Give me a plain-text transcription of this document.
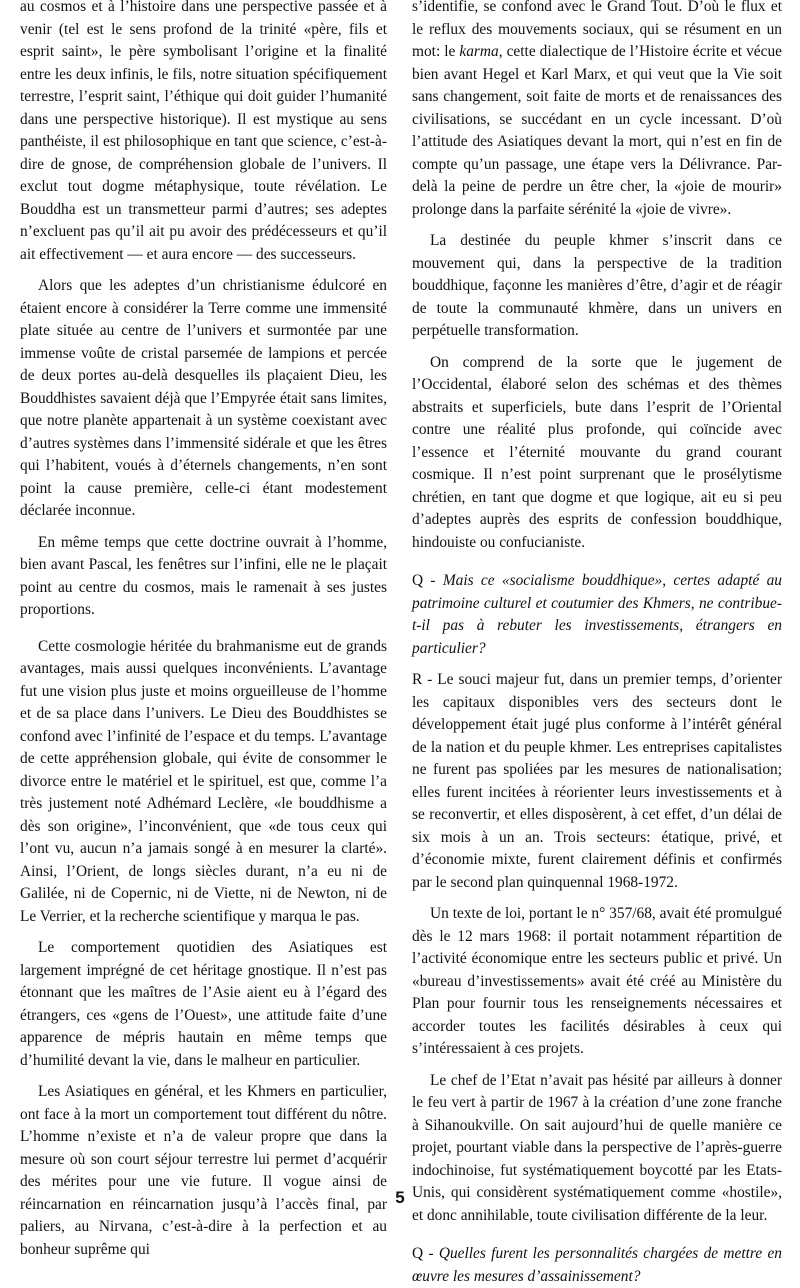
au cosmos et à l’histoire dans une perspective passée et à venir (tel est le sens profond de la trinité «père, fils et esprit saint», le père symbolisant l’origine et la finalité entre les deux infinis, le fils, notre situation spécifiquement terrestre, l’esprit saint, l’éthique qui doit guider l’humanité dans une perspective historique). Il est mystique au sens panthéiste, il est philosophique en tant que science, c’est-à-dire de gnose, de compréhension globale de l’univers. Il exclut tout dogme métaphysique, toute révélation. Le Bouddha est un transmetteur parmi d’autres; ses adeptes n’excluent pas qu’il ait pu avoir des prédécesseurs et qu’il ait effectivement — et aura encore — des successeurs.

Alors que les adeptes d’un christianisme édulcoré en étaient encore à considérer la Terre comme une immensité plate située au centre de l’univers et surmontée par une immense voûte de cristal parsemée de lampions et percée de deux portes au-delà desquelles ils plaçaient Dieu, les Bouddhistes savaient déjà que l’Empyrée était sans limites, que notre planète appartenait à un système coexistant avec d’autres systèmes dans l’immensité sidérale et que les êtres qui l’habitent, voués à d’éternels changements, n’en sont point la cause première, celle-ci étant modestement déclarée inconnue.

En même temps que cette doctrine ouvrait à l’homme, bien avant Pascal, les fenêtres sur l’infini, elle ne le plaçait point au centre du cosmos, mais le ramenait à ses justes proportions.

Cette cosmologie héritée du brahmanisme eut de grands avantages, mais aussi quelques inconvénients. L’avantage fut une vision plus juste et moins orgueilleuse de l’homme et de sa place dans l’univers. Le Dieu des Bouddhistes se confond avec l’infinité de l’espace et du temps. L’avantage de cette appréhension globale, qui évite de consommer le divorce entre le matériel et le spirituel, est que, comme l’a très justement noté Adhémard Leclère, «le bouddhisme a dès son origine», l’inconvénient, que «de tous ceux qui l’ont vu, aucun n’a jamais songé à en mesurer la clarté». Ainsi, l’Orient, de longs siècles durant, n’a eu ni de Galilée, ni de Copernic, ni de Viette, ni de Newton, ni de Le Verrier, et la recherche scientifique y marqua le pas.

Le comportement quotidien des Asiatiques est largement imprégné de cet héritage gnostique. Il n’est pas étonnant que les maîtres de l’Asie aient eu à l’égard des étrangers, ces «gens de l’Ouest», une attitude faite d’une apparence de mépris hautain en même temps que d’humilité devant la vie, dans le malheur en particulier.

Les Asiatiques en général, et les Khmers en particulier, ont face à la mort un comportement tout différent du nôtre. L’homme n’existe et n’a de valeur propre que dans la mesure où son court séjour terrestre lui permet d’acquérir des mérites pour une vie future. Il vogue ainsi de réincarnation en réincarnation jusqu’à l’accès final, par paliers, au Nirvana, c’est-à-dire à la perfection et au bonheur suprême qui

s’identifie, se confond avec le Grand Tout. D’où le flux et le reflux des mouvements sociaux, qui se résument en un mot: le karma, cette dialectique de l’Histoire écrite et vécue bien avant Hegel et Karl Marx, et qui veut que la Vie soit sans changement, soit faite de morts et de renaissances des civilisations, se succédant en un cycle incessant. D’où l’attitude des Asiatiques devant la mort, qui n’est en fin de compte qu’un passage, une étape vers la Délivrance. Par-delà la peine de perdre un être cher, la «joie de mourir» prolonge dans la parfaite sérénité la «joie de vivre».

La destinée du peuple khmer s’inscrit dans ce mouvement qui, dans la perspective de la tradition bouddhique, façonne les manières d’être, d’agir et de réagir de toute la communauté khmère, dans un univers en perpétuelle transformation.

On comprend de la sorte que le jugement de l’Occidental, élaboré selon des schémas et des thèmes abstraits et superficiels, bute dans l’esprit de l’Oriental contre une réalité plus profonde, qui coïncide avec l’essence et l’éternité mouvante du grand courant cosmique. Il n’est point surprenant que le prosélytisme chrétien, en tant que dogme et que logique, ait eu si peu d’adeptes auprès des esprits de confession bouddhique, hindouiste ou confucianiste.

Q - Mais ce «socialisme bouddhique», certes adapté au patrimoine culturel et coutumier des Khmers, ne contribue-t-il pas à rebuter les investissements, étrangers en particulier?

R - Le souci majeur fut, dans un premier temps, d’orienter les capitaux disponibles vers des secteurs dont le développement était jugé plus conforme à l’intérêt général de la nation et du peuple khmer. Les entreprises capitalistes ne furent pas spoliées par les mesures de nationalisation; elles furent incitées à réorienter leurs investissements et à se reconvertir, et elles disposèrent, à cet effet, d’un délai de six mois à un an. Trois secteurs: étatique, privé, et d’économie mixte, furent clairement définis et confirmés par le second plan quinquennal 1968-1972.

Un texte de loi, portant le n° 357/68, avait été promulgué dès le 12 mars 1968: il portait notamment répartition de l’activité économique entre les secteurs public et privé. Un «bureau d’investissements» avait été créé au Ministère du Plan pour fournir tous les renseignements nécessaires et accorder toutes les facilités désirables à ceux qui s’intéressaient à ces projets.

Le chef de l’Etat n’avait pas hésité par ailleurs à donner le feu vert à partir de 1967 à la création d’une zone franche à Sihanoukville. On sait aujourd’hui de quelle manière ce projet, pourtant viable dans la perspective de l’après-guerre indochinoise, fut systématiquement boycotté par les Etats-Unis, qui considèrent systématiquement comme «hostile», et donc annihilable, toute civilisation différente de la leur.

Q - Quelles furent les personnalités chargées de mettre en œuvre les mesures d’assainissement?

5
